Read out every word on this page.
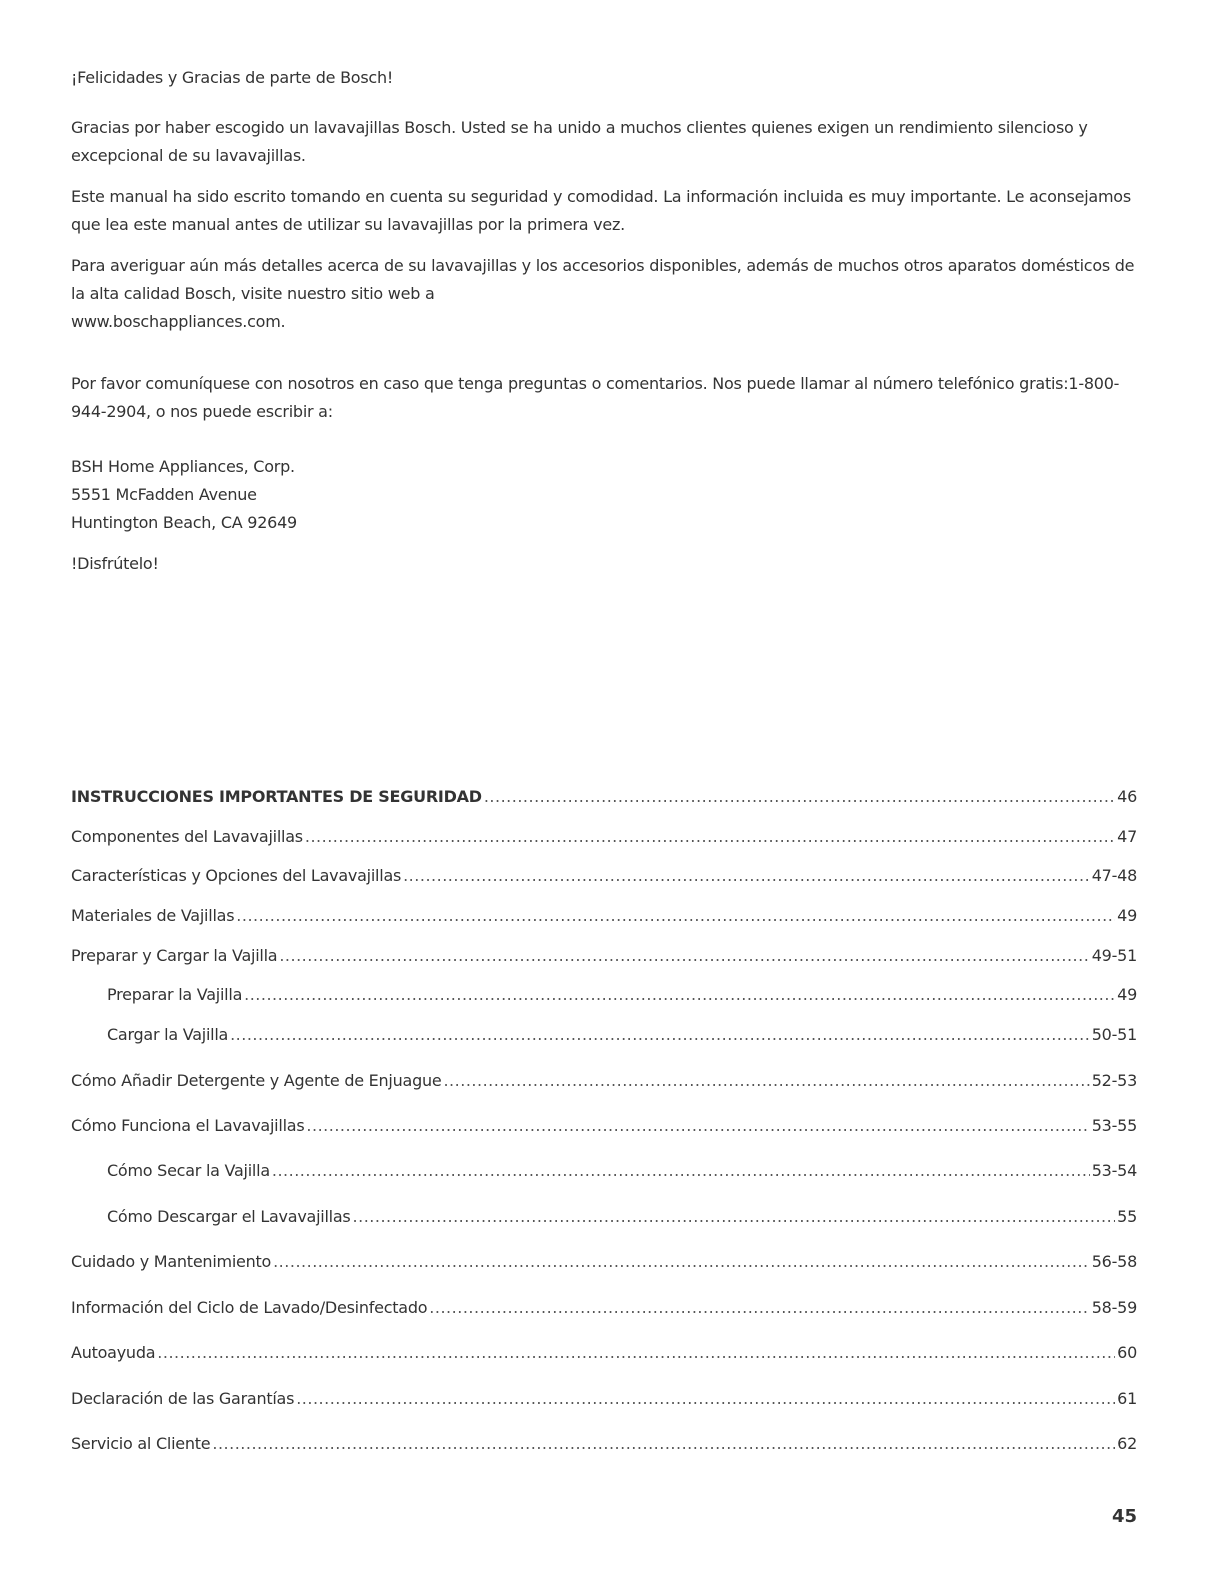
¡Felicidades y Gracias de parte de Bosch!

Gracias por haber escogido un lavavajillas Bosch. Usted se ha unido a muchos clientes quienes exigen un rendimiento silencioso y excepcional de su lavavajillas.

Este manual ha sido escrito tomando en cuenta su seguridad y comodidad. La información incluida es muy importante. Le aconsejamos que lea este manual antes de utilizar su lavavajillas por la primera vez.

Para averiguar aún más detalles acerca de su lavavajillas y los accesorios disponibles, además de muchos otros aparatos domésticos de la alta calidad Bosch, visite nuestro sitio web a
www.boschappliances.com.

Por favor comuníquese con nosotros en caso que tenga preguntas o comentarios. Nos puede llamar al número telefónico gratis:1-800-944-2904, o nos puede escribir a:

BSH Home Appliances, Corp.
5551 McFadden Avenue
Huntington Beach, CA 92649

!Disfrútelo!

INSTRUCCIONES IMPORTANTES DE SEGURIDAD .....	46
Componentes del Lavavajillas .....	47
Características y Opciones del Lavavajillas .....	47-48
Materiales de Vajillas .....	49
Preparar y Cargar la Vajilla .....	49-51
Preparar la Vajilla .....	49
Cargar la Vajilla .....	50-51
Cómo Añadir Detergente y Agente de Enjuague .....	52-53
Cómo Funciona el Lavavajillas .....	53-55
Cómo Secar la Vajilla .....	53-54
Cómo Descargar el Lavavajillas .....	55
Cuidado y Mantenimiento .....	56-58
Información del Ciclo de Lavado/Desinfectado .....	58-59
Autoayuda .....	60
Declaración de las Garantías .....	61
Servicio al Cliente .....	62
45
